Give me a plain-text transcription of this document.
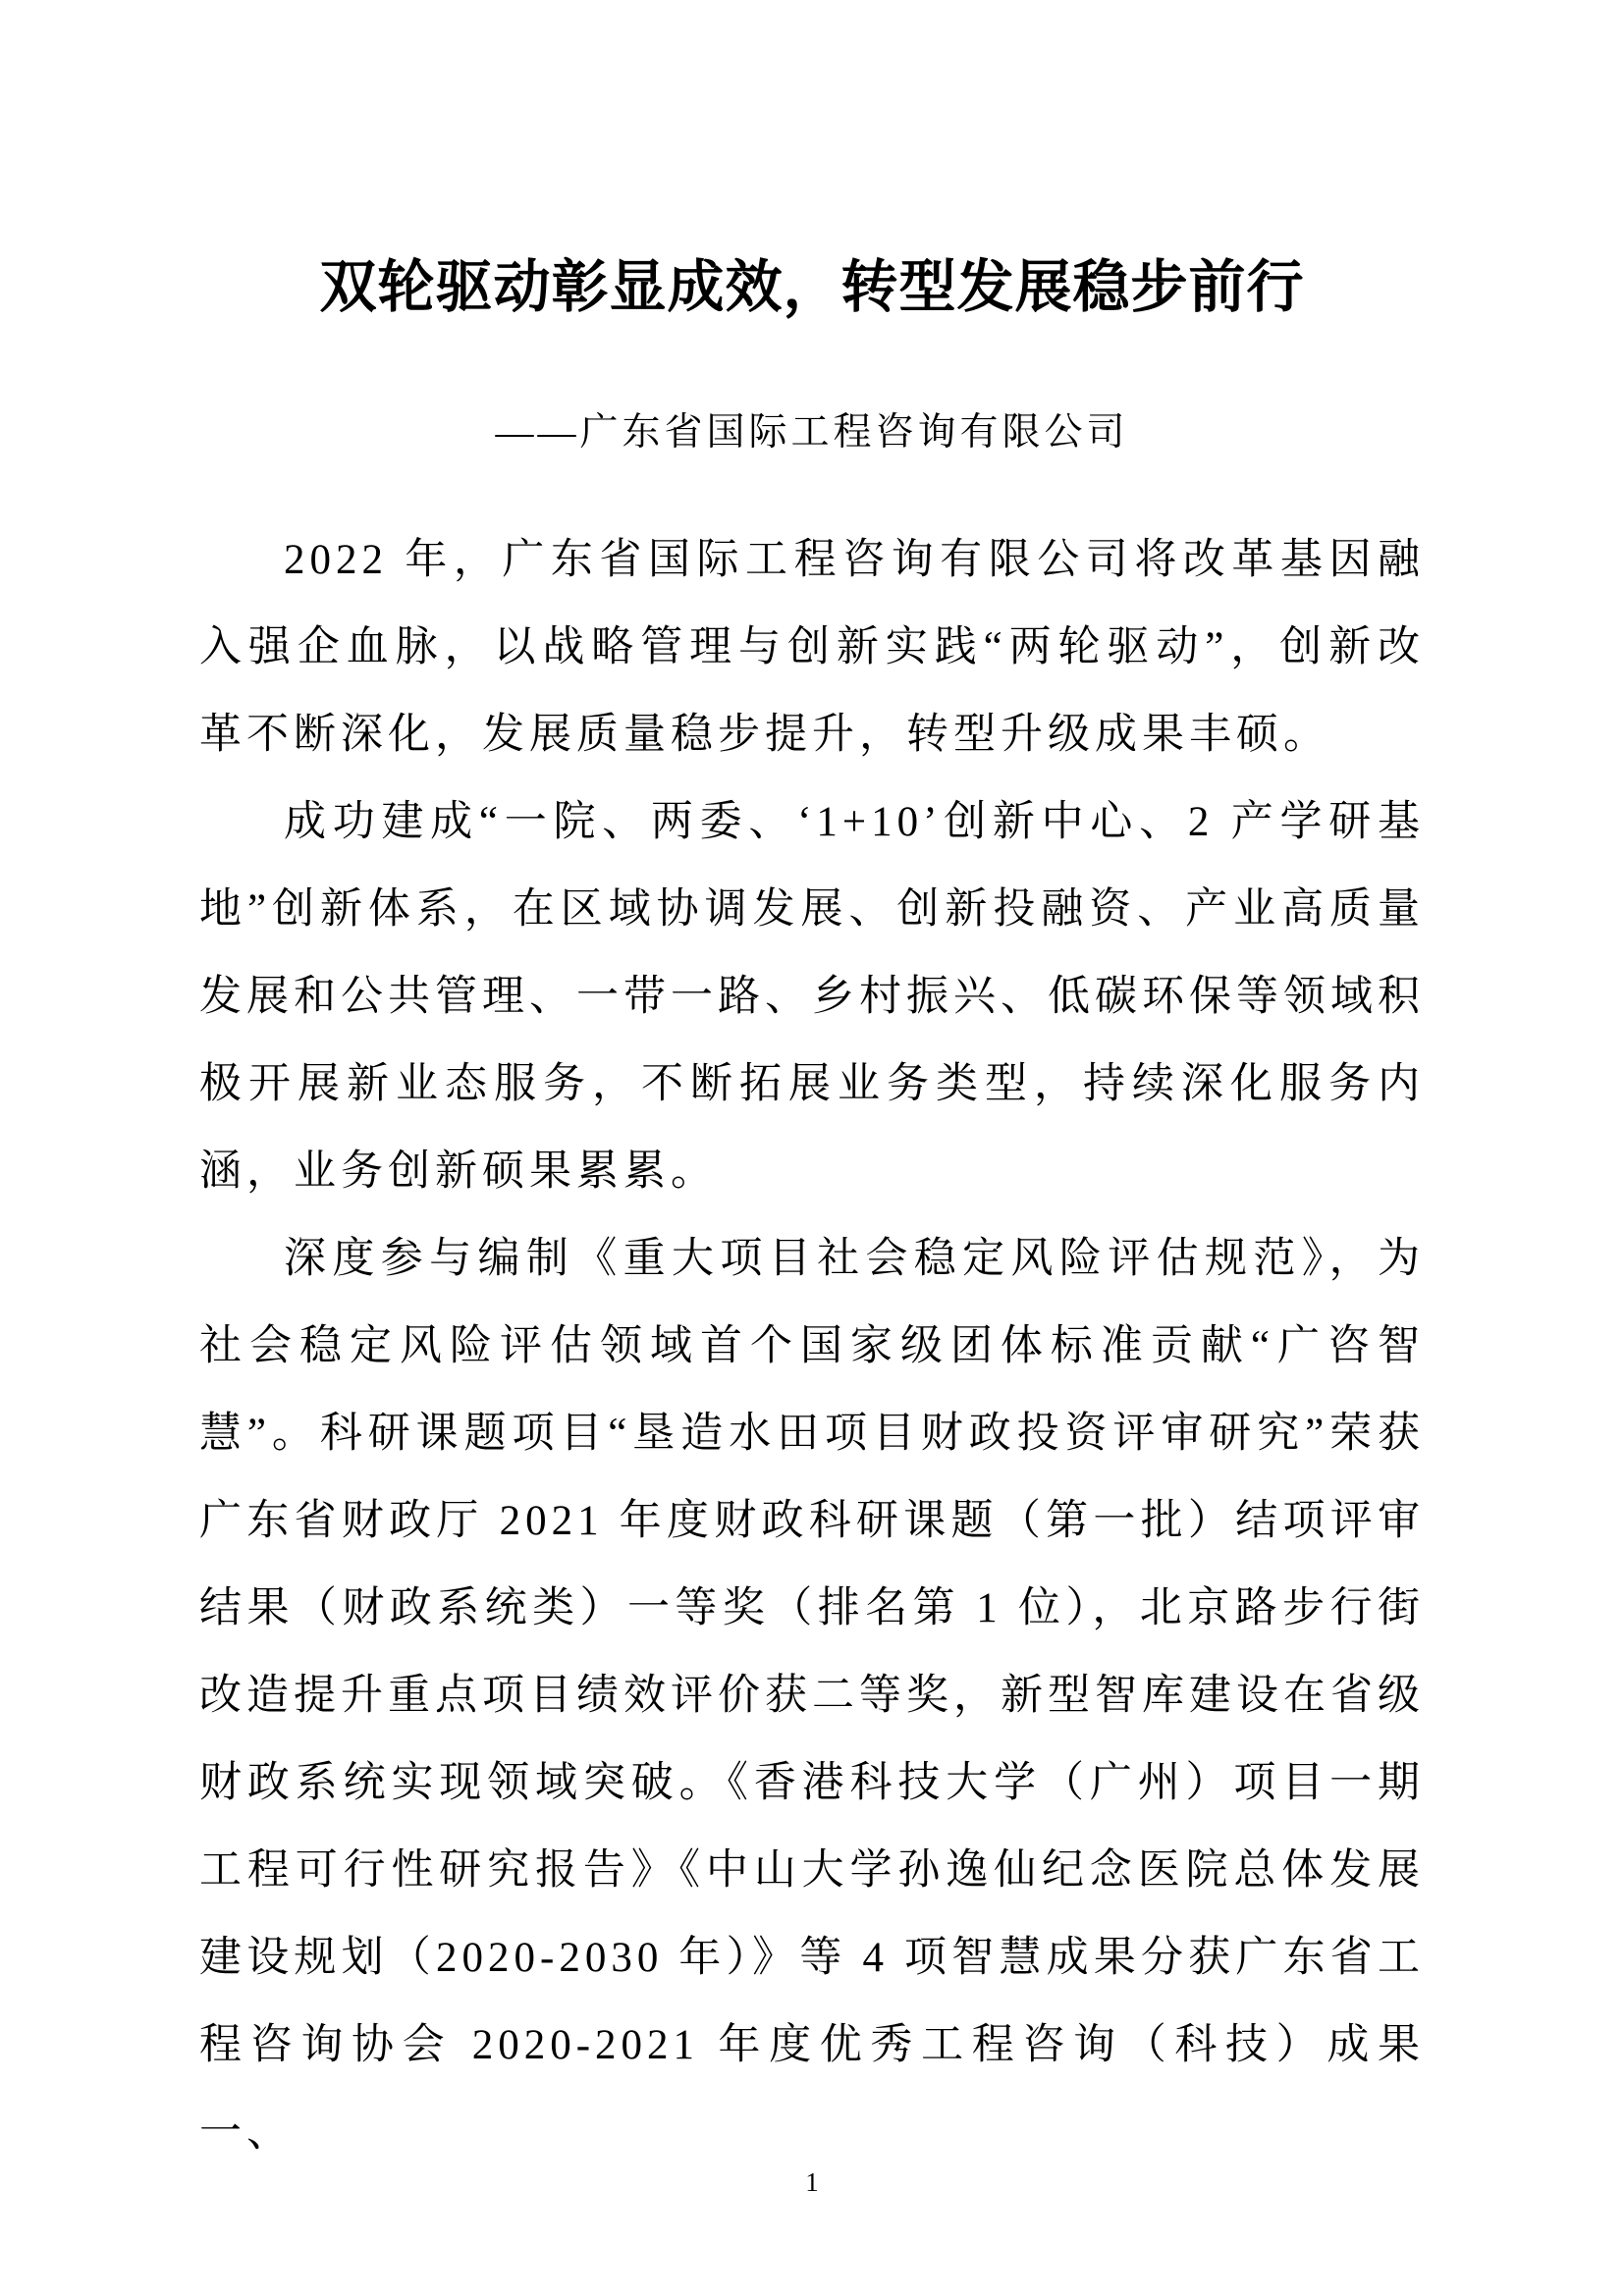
双轮驱动彰显成效，转型发展稳步前行
——广东省国际工程咨询有限公司

2022 年，广东省国际工程咨询有限公司将改革基因融入强企血脉，以战略管理与创新实践“两轮驱动”，创新改革不断深化，发展质量稳步提升，转型升级成果丰硕。

成功建成“一院、两委、‘1+10’创新中心、2 产学研基地”创新体系，在区域协调发展、创新投融资、产业高质量发展和公共管理、一带一路、乡村振兴、低碳环保等领域积极开展新业态服务，不断拓展业务类型，持续深化服务内涵，业务创新硕果累累。

深度参与编制《重大项目社会稳定风险评估规范》，为社会稳定风险评估领域首个国家级团体标准贡献“广咨智慧”。科研课题项目“垦造水田项目财政投资评审研究”荣获广东省财政厅 2021 年度财政科研课题（第一批）结项评审结果（财政系统类）一等奖（排名第 1 位），北京路步行街改造提升重点项目绩效评价获二等奖，新型智库建设在省级财政系统实现领域突破。《香港科技大学（广州）项目一期工程可行性研究报告》《中山大学孙逸仙纪念医院总体发展建设规划（2020-2030 年）》等 4 项智慧成果分获广东省工程咨询协会 2020-2021 年度优秀工程咨询（科技）成果一、

1
